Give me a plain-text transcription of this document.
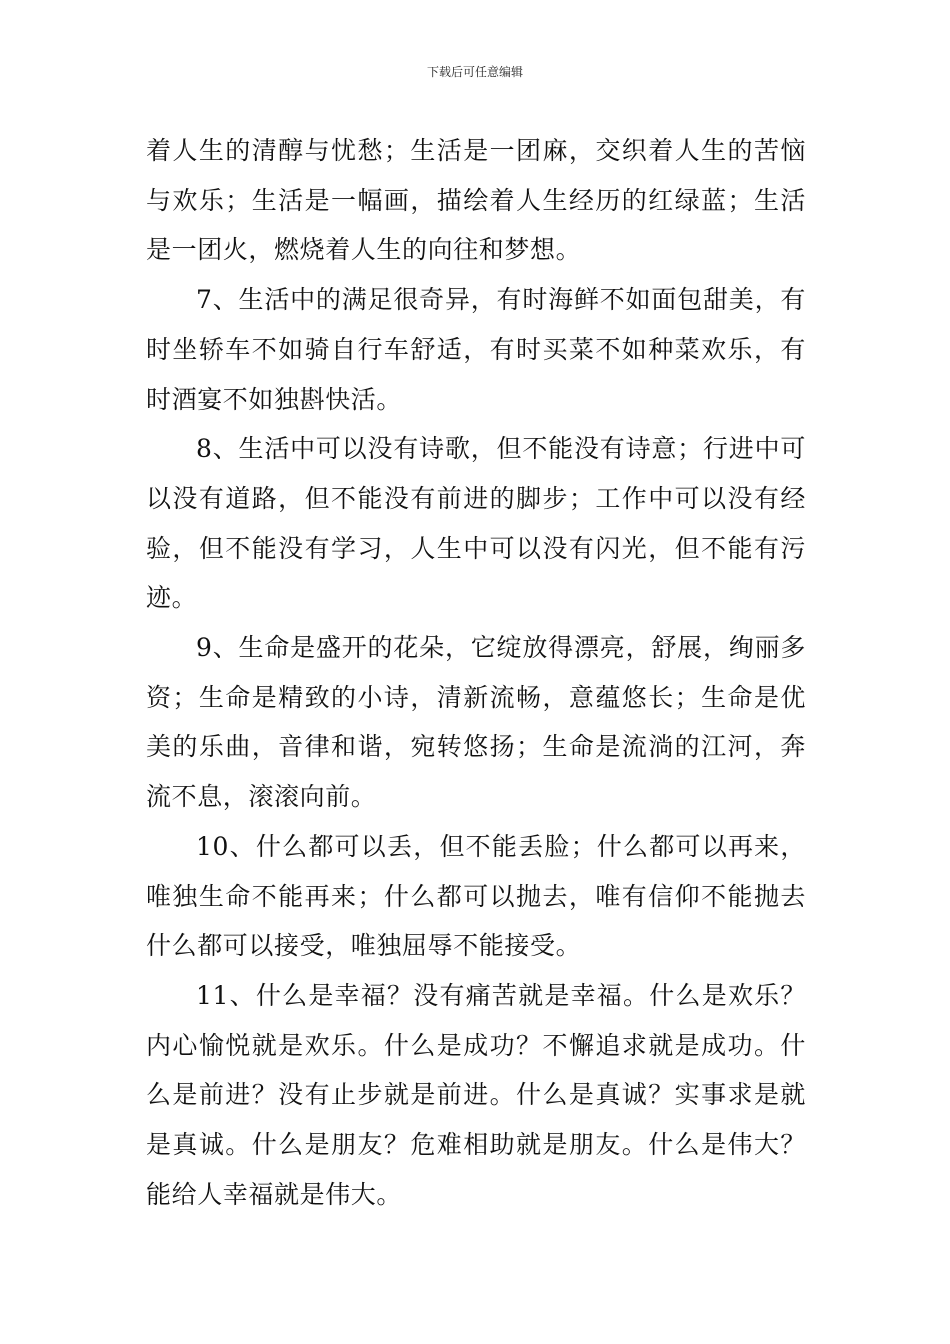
下载后可任意编辑

着人生的清醇与忧愁；生活是一团麻，交织着人生的苦恼与欢乐；生活是一幅画，描绘着人生经历的红绿蓝；生活是一团火，燃烧着人生的向往和梦想。

7、生活中的满足很奇异，有时海鲜不如面包甜美，有时坐轿车不如骑自行车舒适，有时买菜不如种菜欢乐，有时酒宴不如独斟快活。

8、生活中可以没有诗歌，但不能没有诗意；行进中可以没有道路，但不能没有前进的脚步；工作中可以没有经验，但不能没有学习，人生中可以没有闪光，但不能有污迹。

9、生命是盛开的花朵，它绽放得漂亮，舒展，绚丽多资；生命是精致的小诗，清新流畅，意蕴悠长；生命是优美的乐曲，音律和谐，宛转悠扬；生命是流淌的江河，奔流不息，滚滚向前。

10、什么都可以丢，但不能丢脸；什么都可以再来，唯独生命不能再来；什么都可以抛去，唯有信仰不能抛去什么都可以接受，唯独屈辱不能接受。

11、什么是幸福？没有痛苦就是幸福。什么是欢乐？内心愉悦就是欢乐。什么是成功？不懈追求就是成功。什么是前进？没有止步就是前进。什么是真诚？实事求是就是真诚。什么是朋友？危难相助就是朋友。什么是伟大？能给人幸福就是伟大。
